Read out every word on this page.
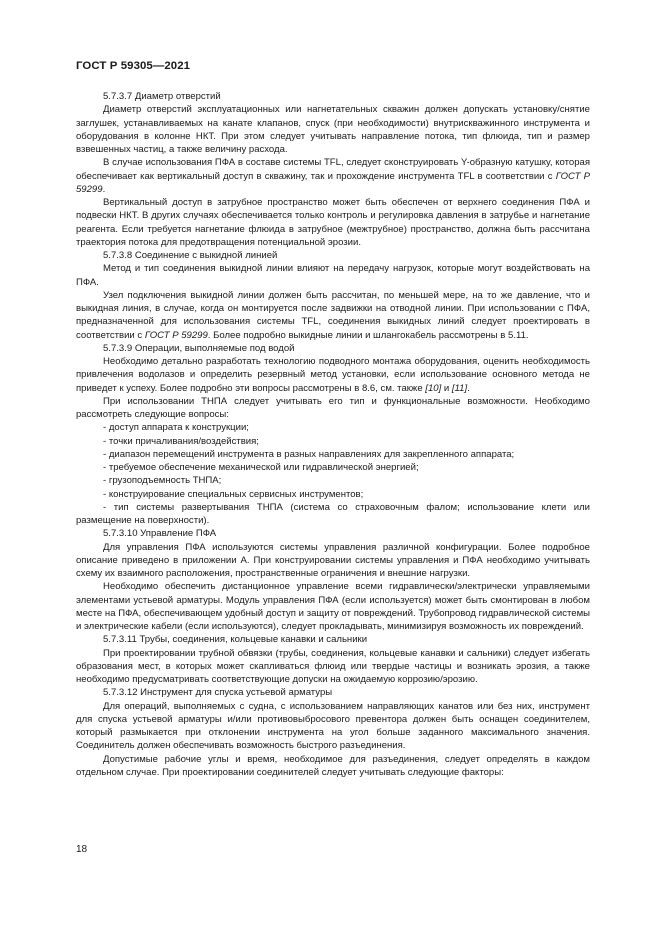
ГОСТ Р 59305—2021

5.7.3.7 Диаметр отверстий

Диаметр отверстий эксплуатационных или нагнетательных скважин должен допускать установку/снятие заглушек, устанавливаемых на канате клапанов, спуск (при необходимости) внутрискважинного инструмента и оборудования в колонне НКТ. При этом следует учитывать направление потока, тип флюида, тип и размер взвешенных частиц, а также величину расхода.

В случае использования ПФА в составе системы TFL, следует сконструировать Y-образную катушку, которая обеспечивает как вертикальный доступ в скважину, так и прохождение инструмента TFL в соответствии с ГОСТ Р 59299.

Вертикальный доступ в затрубное пространство может быть обеспечен от верхнего соединения ПФА и подвески НКТ. В других случаях обеспечивается только контроль и регулировка давления в затрубье и нагнетание реагента. Если требуется нагнетание флюида в затрубное (межтрубное) пространство, должна быть рассчитана траектория потока для предотвращения потенциальной эрозии.

5.7.3.8 Соединение с выкидной линией

Метод и тип соединения выкидной линии влияют на передачу нагрузок, которые могут воздействовать на ПФА.

Узел подключения выкидной линии должен быть рассчитан, по меньшей мере, на то же давление, что и выкидная линия, в случае, когда он монтируется после задвижки на отводной линии. При использовании с ПФА, предназначенной для использования системы TFL, соединения выкидных линий следует проектировать в соответствии с ГОСТ Р 59299. Более подробно выкидные линии и шлангокабель рассмотрены в 5.11.

5.7.3.9 Операции, выполняемые под водой

Необходимо детально разработать технологию подводного монтажа оборудования, оценить необходимость привлечения водолазов и определить резервный метод установки, если использование основного метода не приведет к успеху. Более подробно эти вопросы рассмотрены в 8.6, см. также [10] и [11].

При использовании ТНПА следует учитывать его тип и функциональные возможности. Необходимо рассмотреть следующие вопросы:

- доступ аппарата к конструкции;
- точки причаливания/воздействия;
- диапазон перемещений инструмента в разных направлениях для закрепленного аппарата;
- требуемое обеспечение механической или гидравлической энергией;
- грузоподъемность ТНПА;
- конструирование специальных сервисных инструментов;
- тип системы развертывания ТНПА (система со страховочным фалом; использование клети или размещение на поверхности).

5.7.3.10 Управление ПФА

Для управления ПФА используются системы управления различной конфигурации. Более подробное описание приведено в приложении А. При конструировании системы управления и ПФА необходимо учитывать схему их взаимного расположения, пространственные ограничения и внешние нагрузки.

Необходимо обеспечить дистанционное управление всеми гидравлически/электрически управляемыми элементами устьевой арматуры. Модуль управления ПФА (если используется) может быть смонтирован в любом месте на ПФА, обеспечивающем удобный доступ и защиту от повреждений. Трубопровод гидравлической системы и электрические кабели (если используются), следует прокладывать, минимизируя возможность их повреждений.

5.7.3.11 Трубы, соединения, кольцевые канавки и сальники

При проектировании трубной обвязки (трубы, соединения, кольцевые канавки и сальники) следует избегать образования мест, в которых может скапливаться флюид или твердые частицы и возникать эрозия, а также необходимо предусматривать соответствующие допуски на ожидаемую коррозию/эрозию.

5.7.3.12 Инструмент для спуска устьевой арматуры

Для операций, выполняемых с судна, с использованием направляющих канатов или без них, инструмент для спуска устьевой арматуры и/или противовыбросового превентора должен быть оснащен соединителем, который размыкается при отклонении инструмента на угол больше заданного максимального значения. Соединитель должен обеспечивать возможность быстрого разъединения.

Допустимые рабочие углы и время, необходимое для разъединения, следует определять в каждом отдельном случае. При проектировании соединителей следует учитывать следующие факторы:

18
